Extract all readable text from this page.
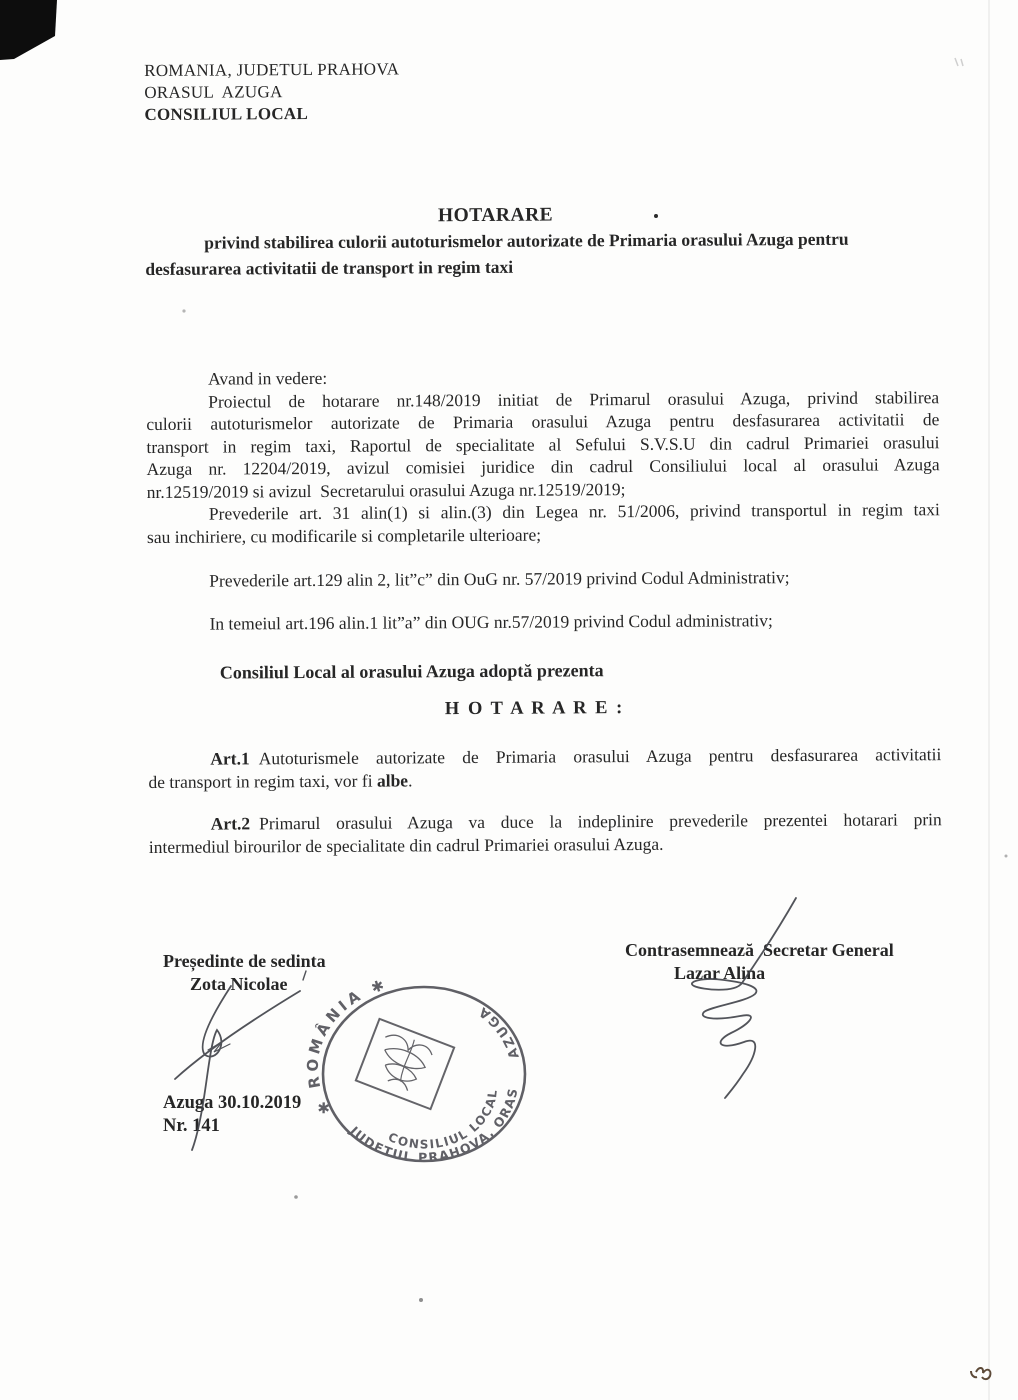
ROMANIA, JUDETUL PRAHOVA
ORASUL  AZUGA
CONSILIUL LOCAL
HOTARARE
privind stabilirea culorii autoturismelor autorizate de Primaria orasului Azuga pentru
desfasurarea activitatii de transport in regim taxi
Avand in vedere:
Proiectul de hotarare nr.148/2019 initiat de Primarul orasului Azuga, privind stabilirea
culorii autoturismelor autorizate de Primaria orasului Azuga pentru desfasurarea activitatii de
transport in regim taxi, Raportul de specialitate al Sefului S.V.S.U din cadrul Primariei orasului
Azuga nr. 12204/2019, avizul comisiei juridice din cadrul Consiliului local al orasului Azuga
nr.12519/2019 si avizul  Secretarului orasului Azuga nr.12519/2019;
Prevederile art. 31 alin(1) si alin.(3) din Legea nr. 51/2006, privind transportul in regim taxi
sau inchiriere, cu modificarile si completarile ulterioare;
Prevederile art.129 alin 2, lit”c” din OuG nr. 57/2019 privind Codul Administrativ;
In temeiul art.196 alin.1 lit”a” din OUG nr.57/2019 privind Codul administrativ;
Consiliul Local al orasului Azuga adoptă prezenta
H O T A R A R E :
Art.1 Autoturismele autorizate de Primaria orasului Azuga pentru desfasurarea activitatii
de transport in regim taxi, vor fi albe.
Art.2 Primarul orasului Azuga va duce la indeplinire prevederile prezentei hotarari prin
intermediul birourilor de specialitate din cadrul Primariei orasului Azuga.
Președinte de sedinta
Zota Nicolae
Contrasemnează  Secretar General
Lazar Alina
Azuga 30.10.2019
Nr. 141
✱ ROMÂNIA ✱
AZUGA
JUDETUL PRAHOVA, ORAS
CONSILIUL LOCAL
